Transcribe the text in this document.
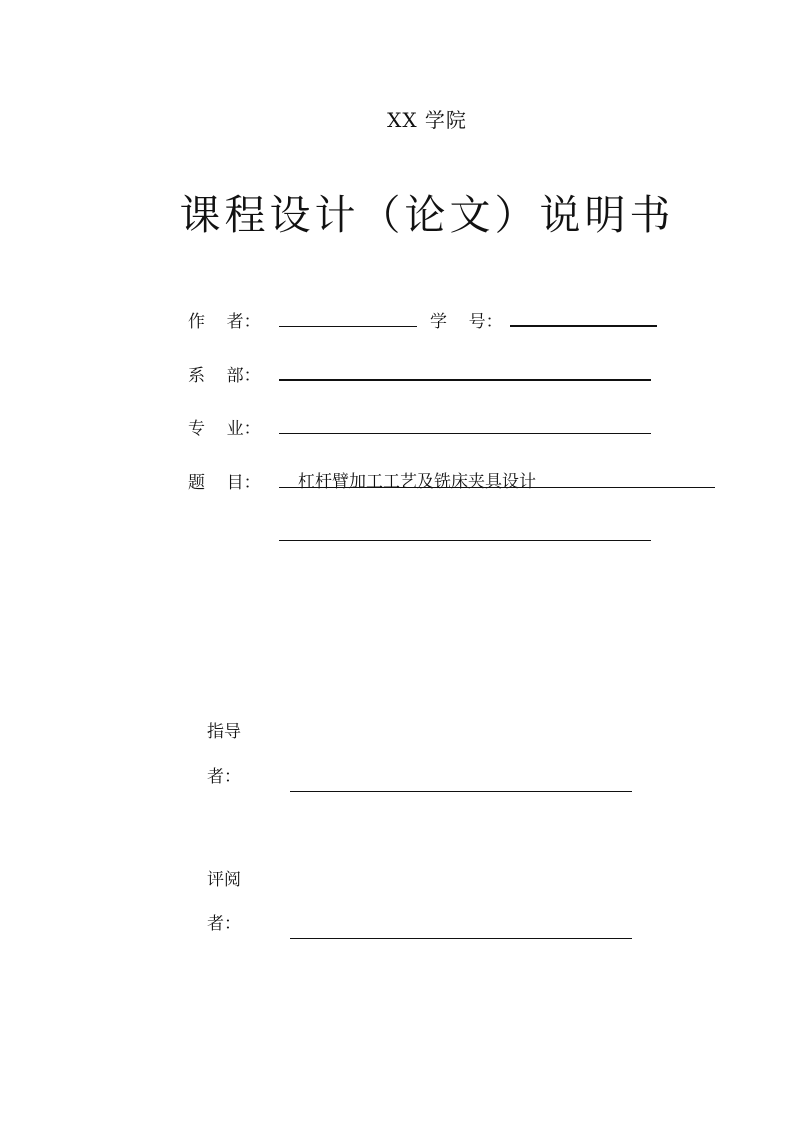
XX 学院
课程设计（论文）说明书
作    者：	学    号：
系    部：
专    业：
题    目： 杠杆臂加工工艺及铣床夹具设计
指导
者：
评阅
者：
